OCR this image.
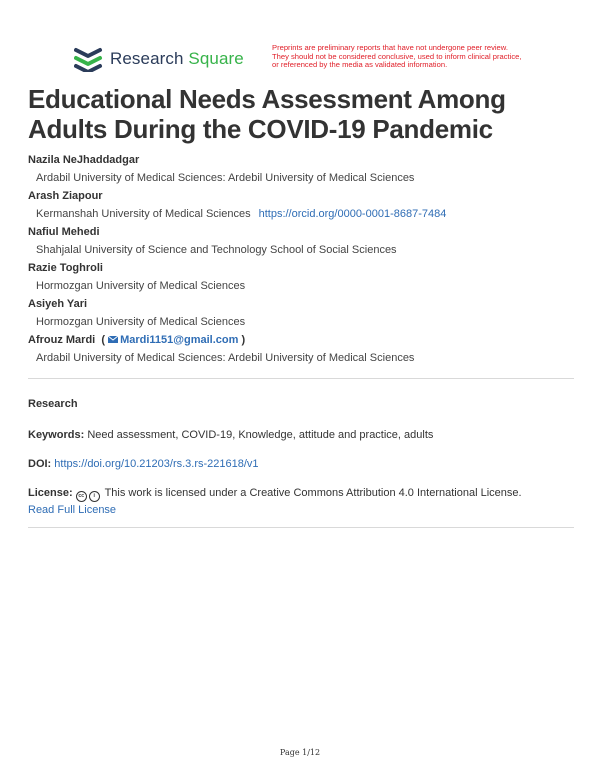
Research Square
Preprints are preliminary reports that have not undergone peer review.
They should not be considered conclusive, used to inform clinical practice,
or referenced by the media as validated information.
Educational Needs Assessment Among Adults During the COVID-19 Pandemic
Nazila NeJhaddadgar
Ardabil University of Medical Sciences: Ardebil University of Medical Sciences
Arash Ziapour
Kermanshah University of Medical Sciences https://orcid.org/0000-0001-8687-7484
Nafiul Mehedi
Shahjalal University of Science and Technology School of Social Sciences
Razie Toghroli
Hormozgan University of Medical Sciences
Asiyeh Yari
Hormozgan University of Medical Sciences
Afrouz Mardi  ( Mardi1151@gmail.com )
Ardabil University of Medical Sciences: Ardebil University of Medical Sciences
Research
Keywords: Need assessment, COVID-19, Knowledge, attitude and practice, adults
DOI: https://doi.org/10.21203/rs.3.rs-221618/v1
License: cc i This work is licensed under a Creative Commons Attribution 4.0 International License.
Read Full License
Page 1/12
